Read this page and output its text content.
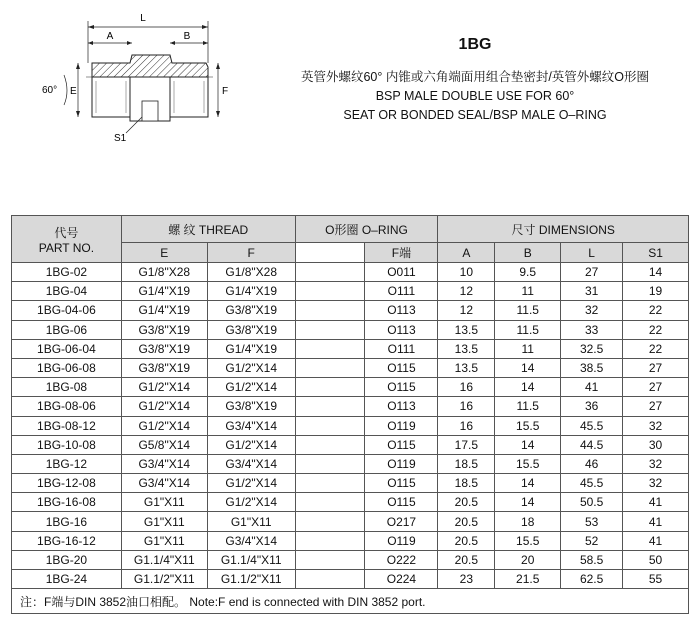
L
A	B
E	F
60°
S1
1BG
英管外螺纹60° 内锥或六角端面用组合垫密封/英管外螺纹O形圈
BSP MALE DOUBLE USE FOR 60°
SEAT OR BONDED SEAL/BSP MALE O–RING
代号
PART NO.	螺 纹 THREAD		O形圈 O–RING		尺寸 DIMENSIONS			
	E	F		F端	A	B	L	S1
1BG-02	G1/8"X28	G1/8"X28		O011	10	9.5	27	14
1BG-04	G1/4"X19	G1/4"X19		O111	12	11	31	19
1BG-04-06	G1/4"X19	G3/8"X19		O113	12	11.5	32	22
1BG-06	G3/8"X19	G3/8"X19		O113	13.5	11.5	33	22
1BG-06-04	G3/8"X19	G1/4"X19		O111	13.5	11	32.5	22
1BG-06-08	G3/8"X19	G1/2"X14		O115	13.5	14	38.5	27
1BG-08	G1/2"X14	G1/2"X14		O115	16	14	41	27
1BG-08-06	G1/2"X14	G3/8"X19		O113	16	11.5	36	27
1BG-08-12	G1/2"X14	G3/4"X14		O119	16	15.5	45.5	32
1BG-10-08	G5/8"X14	G1/2"X14		O115	17.5	14	44.5	30
1BG-12	G3/4"X14	G3/4"X14		O119	18.5	15.5	46	32
1BG-12-08	G3/4"X14	G1/2"X14		O115	18.5	14	45.5	32
1BG-16-08	G1"X11	G1/2"X14		O115	20.5	14	50.5	41
1BG-16	G1"X11	G1"X11		O217	20.5	18	53	41
1BG-16-12	G1"X11	G3/4"X14		O119	20.5	15.5	52	41
1BG-20	G1.1/4"X11	G1.1/4"X11		O222	20.5	20	58.5	50
1BG-24	G1.1/2"X11	G1.1/2"X11		O224	23	21.5	62.5	55
注：F端与DIN 3852油口相配。 Note:F end is connected with DIN 3852 port.								
